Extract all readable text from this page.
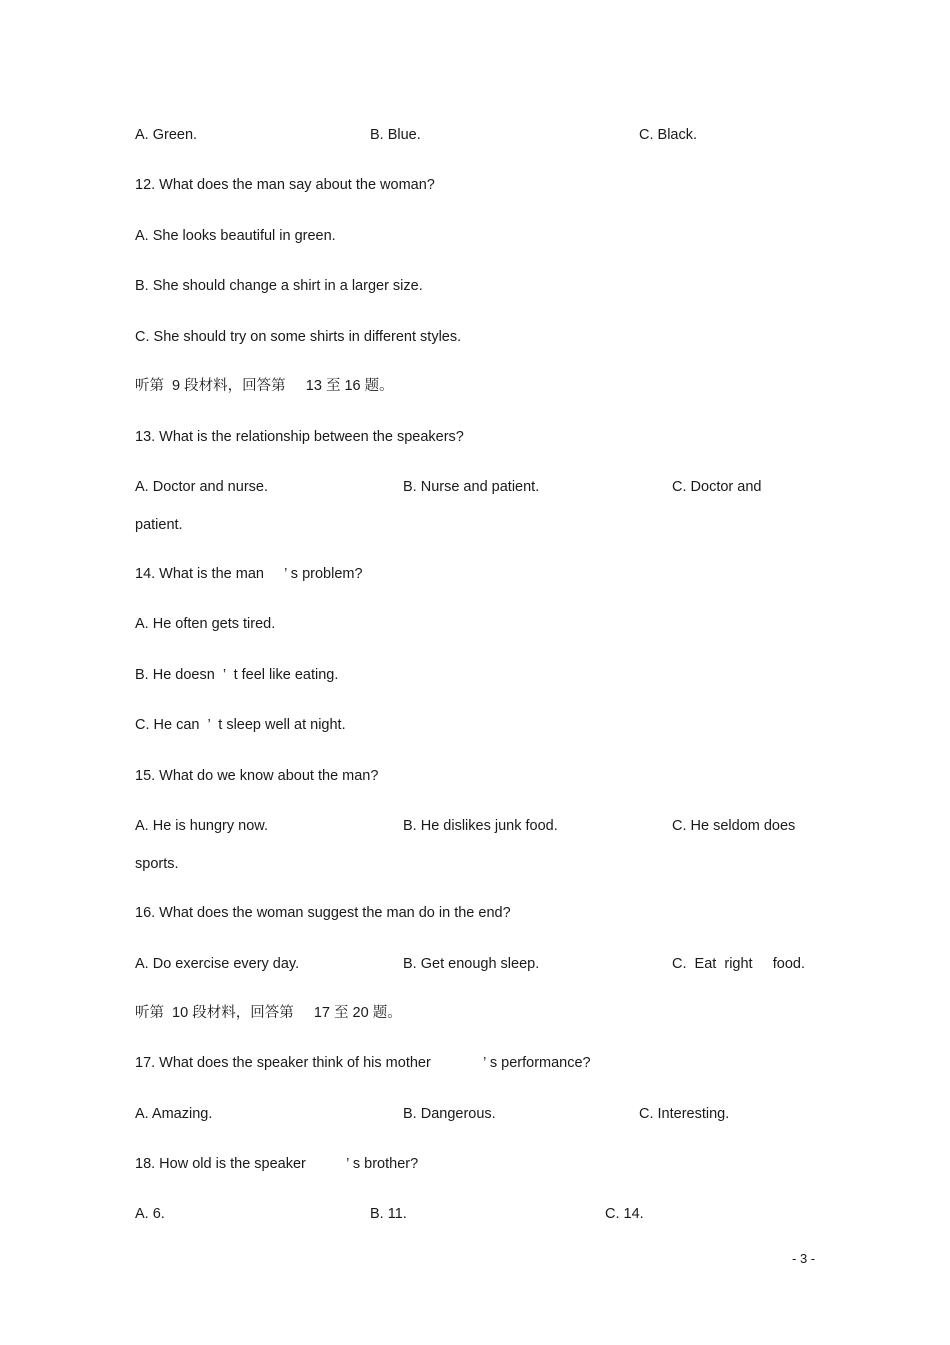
A. Green.	B. Blue.	C. Black.
12. What does the man say about the woman?
A. She looks beautiful in green.
B. She should change a shirt in a larger size.
C. She should try on some shirts in different styles.
听第  9 段材料，回答第     13 至 16 题。
13. What is the relationship between the speakers?
A. Doctor and nurse.	B. Nurse and patient.	C. Doctor and
patient.
14. What is the man     ’ s problem?
A. He often gets tired.
B. He doesn  ’  t feel like eating.
C. He can  ’  t sleep well at night.
15. What do we know about the man?
A. He is hungry now.	B. He dislikes junk food.	C. He seldom does
sports.
16. What does the woman suggest the man do in the end?
A. Do exercise every day.	B. Get enough sleep.	C.  Eat  right     food.
听第  10 段材料，回答第     17 至 20 题。
17. What does the speaker think of his mother             ’ s performance?
A. Amazing.	B. Dangerous.	C. Interesting.
18. How old is the speaker          ’ s brother?
A. 6.	B. 11.	C. 14.
- 3 -
